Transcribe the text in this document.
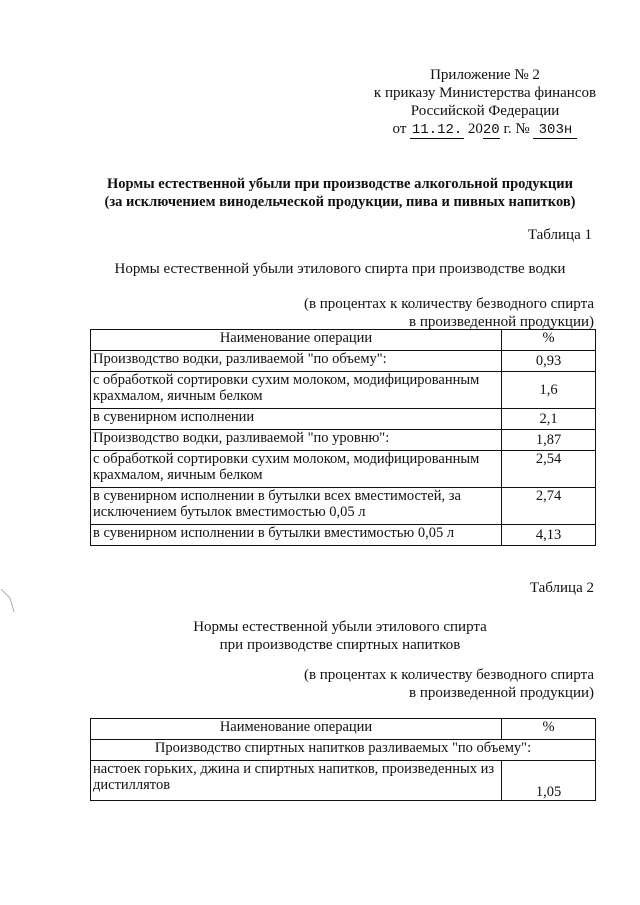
Приложение № 2
к приказу Министерства финансов
Российской Федерации
от 11.12. 2020 г. № 303н
Нормы естественной убыли при производстве алкогольной продукции
(за исключением винодельческой продукции, пива и пивных напитков)
Таблица 1
Нормы естественной убыли этилового спирта при производстве водки
(в процентах к количеству безводного спирта
в произведенной продукции)
Наименование операции	%
Производство водки, разливаемой "по объему":	0,93
с обработкой сортировки сухим молоком, модифицированным крахмалом, яичным белком	1,6
в сувенирном исполнении	2,1
Производство водки, разливаемой "по уровню":	1,87
с обработкой сортировки сухим молоком, модифицированным крахмалом, яичным белком	2,54
в сувенирном исполнении в бутылки всех вместимостей, за исключением бутылок вместимостью 0,05 л	2,74
в сувенирном исполнении в бутылки вместимостью 0,05 л	4,13
Таблица 2
Нормы естественной убыли этилового спирта
при производстве спиртных напитков
(в процентах к количеству безводного спирта
в произведенной продукции)
Наименование операции	%
Производство спиртных напитков разливаемых "по объему":	
настоек горьких, джина и спиртных напитков, произведенных из дистиллятов	1,05
